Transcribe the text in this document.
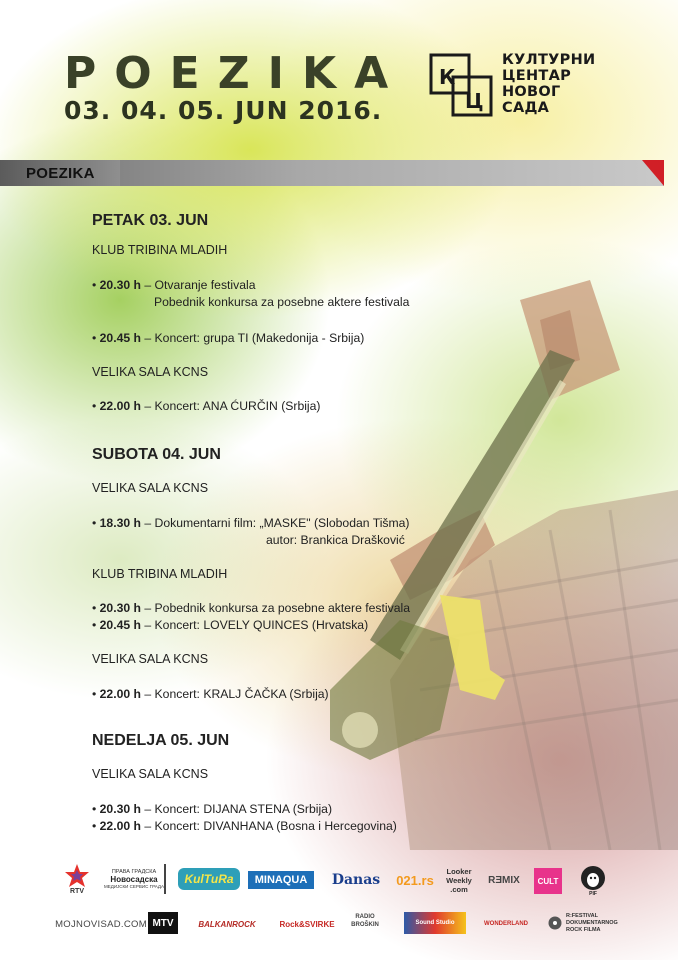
POEZIKA
03. 04. 05. JUN 2016.
К
Ц
КУЛТУРНИ
ЦЕНТАР
НОВОГ
САДА
POEZIKA
PETAK 03. JUN
KLUB TRIBINA MLADIH
• 20.30 h – Otvaranje festivala
Pobednik konkursa za posebne aktere festivala
• 20.45 h – Koncert: grupa TI (Makedonija - Srbija)
VELIKA SALA KCNS
• 22.00 h – Koncert: ANA ĆURČIN (Srbija)
SUBOTA 04. JUN
VELIKA SALA KCNS
• 18.30 h – Dokumentarni film: „MASKE" (Slobodan Tišma)
autor: Brankica Drašković
KLUB TRIBINA MLADIH
• 20.30 h – Pobednik konkursa za posebne aktere festivala
• 20.45 h – Koncert: LOVELY QUINCES (Hrvatska)
VELIKA SALA KCNS
• 22.00 h – Koncert: KRALJ ČAČKA (Srbija)
NEDELJA 05. JUN
VELIKA SALA KCNS
• 20.30 h – Koncert: DIJANA STENA (Srbija)
• 22.00 h – Koncert: DIVANHANA (Bosna i Hercegovina)
RTV
ПРАВА ГРАДСКА
Новосадска
МЕДИЈСКИ СЕРВИС ГРАДА
KulTuRa	MINAQUA	Danas 021.rs
Looker
Weekly
.com
RƎMIX	CULT
PIF
MOJNOVISAD.COM MTV	BALKANROCK	Rock&SVIRKE
RADIO
BROŠKIN	Sound Studio	WONDERLAND
R:FESTIVAL
DOKUMENTARNOG
ROCK FILMA
